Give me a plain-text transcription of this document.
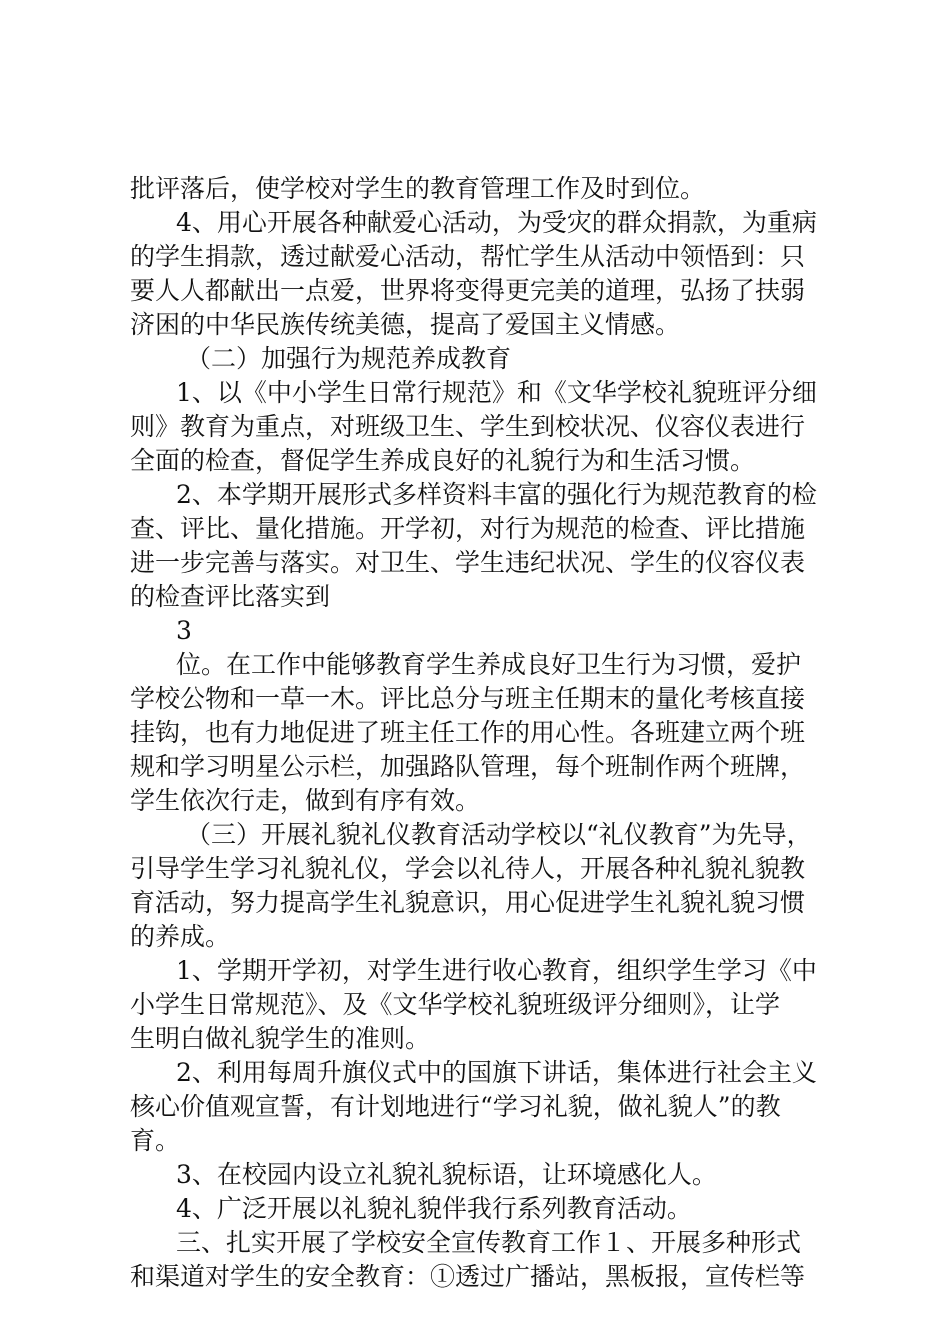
批评落后，使学校对学生的教育管理工作及时到位。
4、用心开展各种献爱心活动，为受灾的群众捐款，为重病
的学生捐款，透过献爱心活动，帮忙学生从活动中领悟到：只
要人人都献出一点爱，世界将变得更完美的道理，弘扬了扶弱
济困的中华民族传统美德，提高了爱国主义情感。
（二）加强行为规范养成教育
1、以《中小学生日常行规范》和《文华学校礼貌班评分细
则》教育为重点，对班级卫生、学生到校状况、仪容仪表进行
全面的检查，督促学生养成良好的礼貌行为和生活习惯。
2、本学期开展形式多样资料丰富的强化行为规范教育的检
查、评比、量化措施。开学初，对行为规范的检查、评比措施
进一步完善与落实。对卫生、学生违纪状况、学生的仪容仪表
的检查评比落实到
3
位。在工作中能够教育学生养成良好卫生行为习惯，爱护
学校公物和一草一木。评比总分与班主任期末的量化考核直接
挂钩，也有力地促进了班主任工作的用心性。各班建立两个班
规和学习明星公示栏，加强路队管理，每个班制作两个班牌，
学生依次行走，做到有序有效。
（三）开展礼貌礼仪教育活动学校以“礼仪教育”为先导，
引导学生学习礼貌礼仪，学会以礼待人，开展各种礼貌礼貌教
育活动，努力提高学生礼貌意识，用心促进学生礼貌礼貌习惯
的养成。
1、学期开学初，对学生进行收心教育，组织学生学习《中
小学生日常规范》、及《文华学校礼貌班级评分细则》，让学
生明白做礼貌学生的准则。
2、利用每周升旗仪式中的国旗下讲话，集体进行社会主义
核心价值观宣誓，有计划地进行“学习礼貌，做礼貌人”的教
育。
3、在校园内设立礼貌礼貌标语，让环境感化人。
4、广泛开展以礼貌礼貌伴我行系列教育活动。
三、扎实开展了学校安全宣传教育工作１、开展多种形式
和渠道对学生的安全教育：①透过广播站，黑板报，宣传栏等
